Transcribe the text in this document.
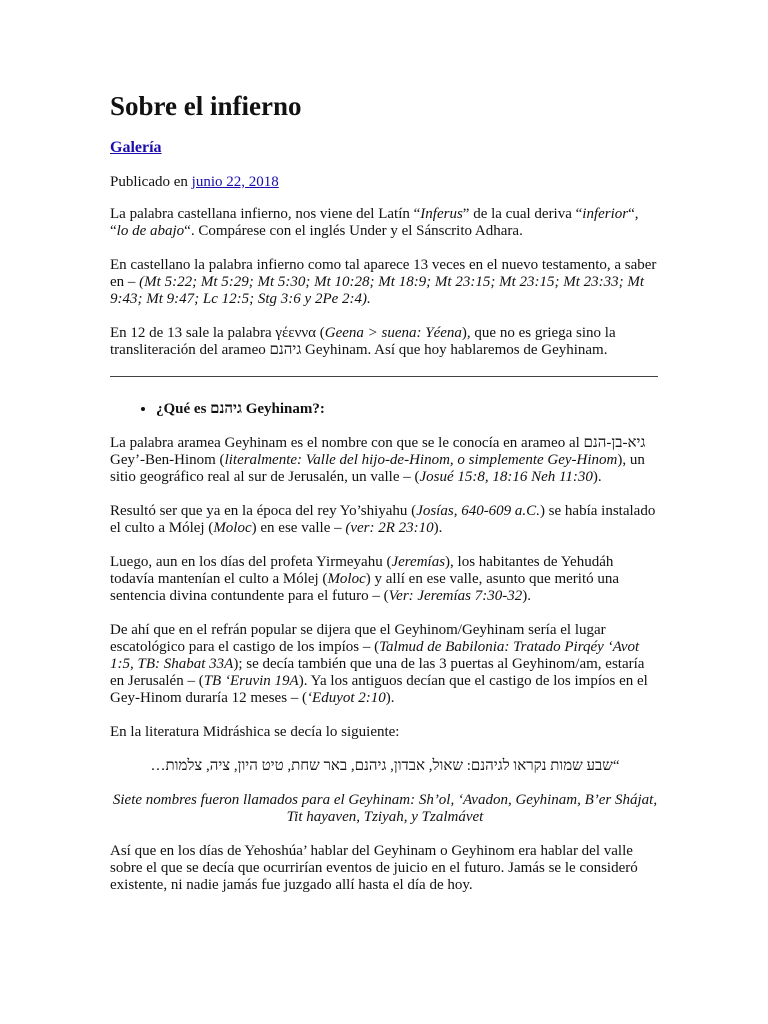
Sobre el infierno
Galería

Publicado en junio 22, 2018

La palabra castellana infierno, nos viene del Latín “Inferus” de la cual deriva “inferior“, “lo de abajo“. Compárese con el inglés Under y el Sánscrito Adhara.

En castellano la palabra infierno como tal aparece 13 veces en el nuevo testamento, a saber en – (Mt 5:22; Mt 5:29; Mt 5:30; Mt 10:28; Mt 18:9; Mt 23:15; Mt 23:15; Mt 23:33; Mt 9:43; Mt 9:47; Lc 12:5; Stg 3:6 y 2Pe 2:4).

En 12 de 13 sale la palabra γέεννα (Geena > suena: Yéena), que no es griega sino la transliteración del arameo גיהנם Geyhinam. Así que hoy hablaremos de Geyhinam.

• ¿Qué es גיהנם Geyhinam?:

La palabra aramea Geyhinam es el nombre con que se le conocía en arameo al גיא-בן-הנם Gey’-Ben-Hinom (literalmente: Valle del hijo-de-Hinom, o simplemente Gey-Hinom), un sitio geográfico real al sur de Jerusalén, un valle – (Josué 15:8, 18:16 Neh 11:30).

Resultó ser que ya en la época del rey Yo’shiyahu (Josías, 640-609 a.C.) se había instalado el culto a Mólej (Moloc) en ese valle – (ver: 2R 23:10).

Luego, aun en los días del profeta Yirmeyahu (Jeremías), los habitantes de Yehudáh todavía mantenían el culto a Mólej (Moloc) y allí en ese valle, asunto que meritó una sentencia divina contundente para el futuro – (Ver: Jeremías 7:30-32).

De ahí que en el refrán popular se dijera que el Geyhinom/Geyhinam sería el lugar escatológico para el castigo de los impíos – (Talmud de Babilonia: Tratado Pirqéy ‘Avot 1:5, TB: Shabat 33A); se decía también que una de las 3 puertas al Geyhinom/am, estaría en Jerusalén – (TB ‘Eruvin 19A). Ya los antiguos decían que el castigo de los impíos en el Gey-Hinom duraría 12 meses – (‘Eduyot 2:10).

En la literatura Midráshica se decía lo siguiente:

“שבע שמות נקראו לגיהנם: שאול, אבדון, גיהנם, באר שחת, טיט היון, ציה, צלמות…

Siete nombres fueron llamados para el Geyhinam: Sh’ol, ‘Avadon, Geyhinam, B’er Shájat, Tit hayaven, Tziyah, y Tzalmávet

Así que en los días de Yehoshúa’ hablar del Geyhinam o Geyhinom era hablar del valle sobre el que se decía que ocurrirían eventos de juicio en el futuro. Jamás se le consideró existente, ni nadie jamás fue juzgado allí hasta el día de hoy.
